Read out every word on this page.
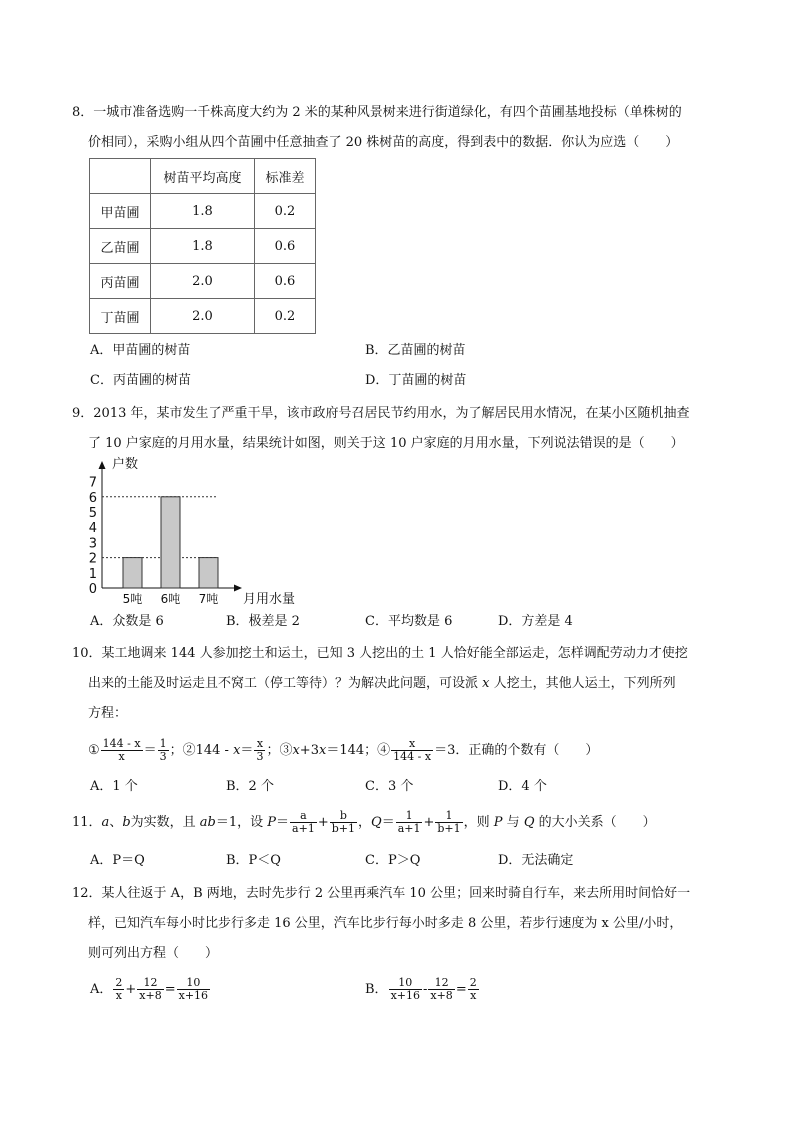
8．一城市准备选购一千株高度大约为 2 米的某种风景树来进行街道绿化，有四个苗圃基地投标（单株树的
价相同），采购小组从四个苗圃中任意抽查了 20 株树苗的高度，得到表中的数据．你认为应选（　　）
	树苗平均高度	标准差
甲苗圃	1.8	0.2
乙苗圃	1.8	0.6
丙苗圃	2.0	0.6
丁苗圃	2.0	0.2
A．甲苗圃的树苗	B．乙苗圃的树苗
C．丙苗圃的树苗	D．丁苗圃的树苗
9．2013 年，某市发生了严重干旱，该市政府号召居民节约用水，为了解居民用水情况，在某小区随机抽查
了 10 户家庭的月用水量，结果统计如图，则关于这 10 户家庭的月用水量，下列说法错误的是（　　）
0
1
2
3
4
5
6
7
5吨 6吨 7吨
户数
月用水量
A．众数是 6	B．极差是 2	C．平均数是 6	D．方差是 4
10．某工地调来 144 人参加挖土和运土，已知 3 人挖出的土 1 人恰好能全部运走，怎样调配劳动力才使挖
出来的土能及时运走且不窝工（停工等待）？为解决此问题，可设派 x 人挖土，其他人运土，下列所列
方程：
① $\frac{144 - x}{x} = \frac{1}{3}$ ；②144 - $x= \frac{x}{3}$ ；③x+3x＝144；④ $\frac{x}{144 - x} =3$．正确的个数有（　　）
A．1 个	B．2 个	C．3 个	D．4 个
11．a、b为实数，且 ab＝1，设 $P= \frac{a}{a+1} + \frac{b}{b+1}$ ，$Q= \frac{1}{a+1} + \frac{1}{b+1}$ ，则 P 与 Q 的大小关系（　　）
A．P＝Q	B．P＜Q	C．P＞Q	D．无法确定
12．某人往返于 A，B 两地，去时先步行 2 公里再乘汽车 10 公里；回来时骑自行车，来去所用时间恰好一
样，已知汽车每小时比步行多走 16 公里，汽车比步行每小时多走 8 公里，若步行速度为 x 公里/小时，
则可列出方程（　　）
A． $\frac{2}{x} + \frac{12}{x+8} = \frac{10}{x+16}$	B． $\frac{10}{x+16} - \frac{12}{x+8} = \frac{2}{x}$
